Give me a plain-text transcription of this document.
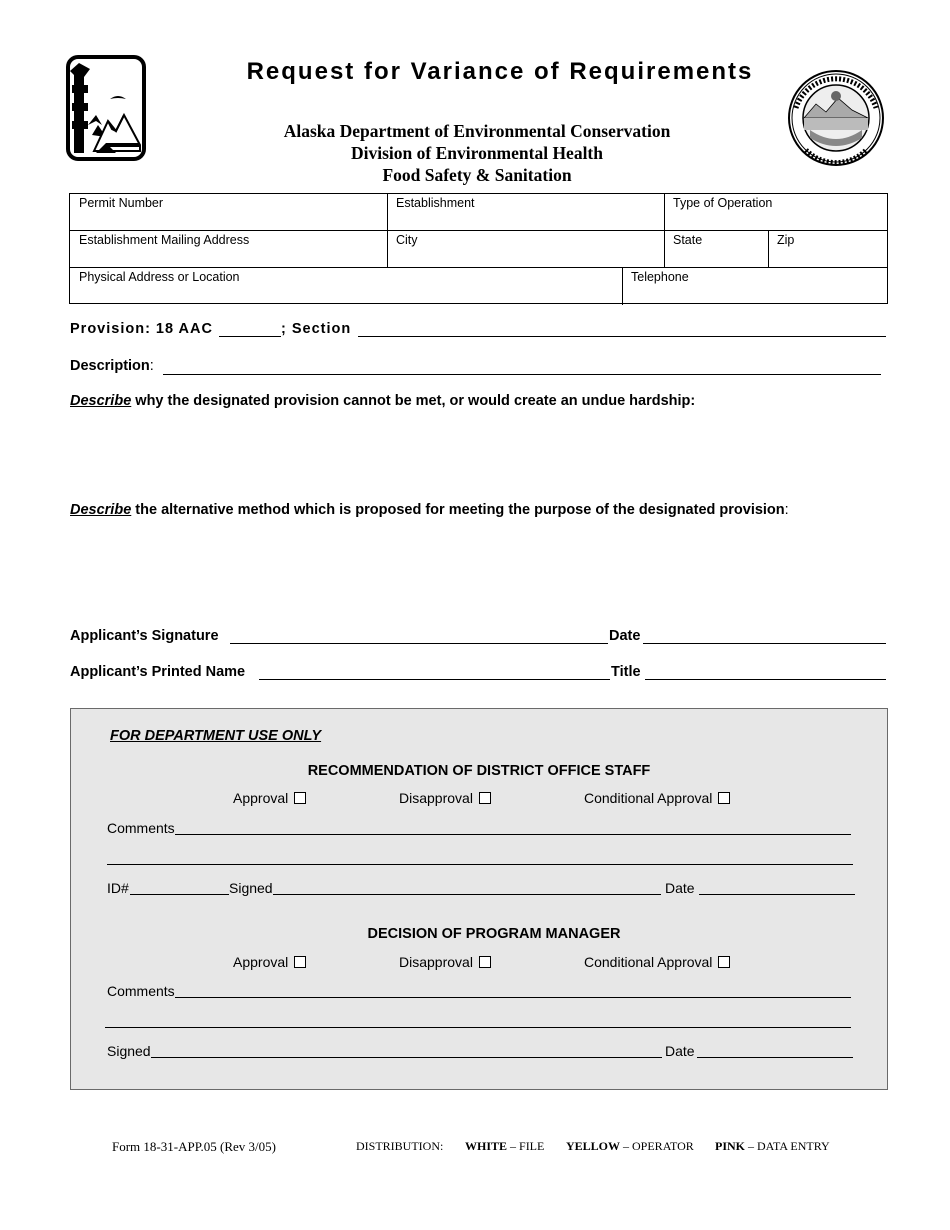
Request for Variance of Requirements
Alaska Department of Environmental Conservation
Division of Environmental Health
Food Safety & Sanitation
Permit Number	Establishment	Type of Operation
Establishment Mailing Address	City	State	Zip
Physical Address or Location	Telephone
Provision: 18 AAC	; Section
Description:
Describe why the designated provision cannot be met, or would create an undue hardship:
Describe the alternative method which is proposed for meeting the purpose of the designated provision:
Applicant’s Signature	Date
Applicant’s Printed Name	Title
FOR DEPARTMENT USE ONLY
RECOMMENDATION OF DISTRICT OFFICE STAFF
Approval	Disapproval	Conditional Approval
Comments
ID#	Signed	Date
DECISION OF PROGRAM MANAGER
Approval	Disapproval	Conditional Approval
Comments
Signed	Date
Form 18-31-APP.05 (Rev 3/05)	DISTRIBUTION: WHITE – FILE YELLOW – OPERATOR PINK – DATA ENTRY
